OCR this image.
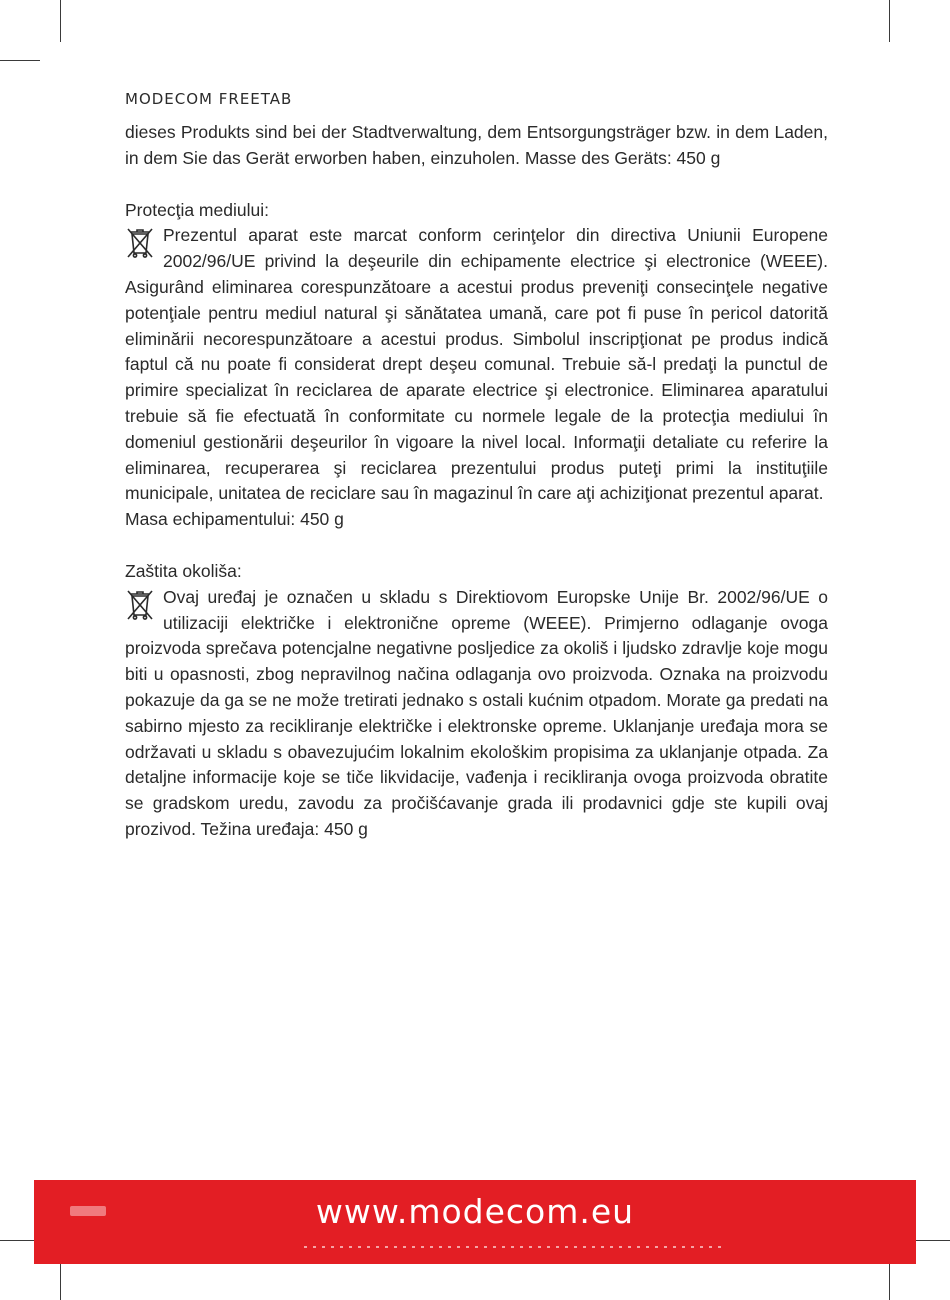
MODECOM FREETAB

dieses Produkts sind bei der Stadtverwaltung, dem Entsorgungsträger bzw. in dem Laden, in dem Sie das Gerät erworben haben, einzuholen. Masse des Geräts: 450 g

Protecţia mediului:

Prezentul aparat este marcat conform cerinţelor din directiva Uniunii Europene 2002/96/UE privind la deşeurile din echipamente electrice şi electronice (WEEE). Asigurând eliminarea corespunzătoare a acestui produs preveniţi consecinţele negative potenţiale pentru mediul natural şi sănătatea umană, care pot fi puse în pericol datorită eliminării necorespunzătoare a acestui produs. Simbolul inscripţionat pe produs indică faptul că nu poate fi considerat drept deşeu comunal. Trebuie să-l predaţi la punctul de primire specializat în reciclarea de aparate electrice şi electronice. Eliminarea aparatului trebuie să fie efectuată în conformitate cu normele legale de la protecţia mediului în domeniul gestionării deşeurilor în vigoare la nivel local. Informaţii detaliate cu referire la eliminarea, recuperarea şi reciclarea prezentului produs puteţi primi la instituţiile municipale, unitatea de reciclare sau în magazinul în care aţi achiziţionat prezentul aparat.

Masa echipamentului: 450 g

Zaštita okoliša:

Ovaj uređaj je označen u skladu s Direktiovom Europske Unije Br. 2002/96/UE o utilizaciji električke i elektronične opreme (WEEE). Primjerno odlaganje ovoga proizvoda sprečava potencjalne negativne posljedice za okoliš i ljudsko zdravlje koje mogu biti u opasnosti, zbog nepravilnog načina odlaganja ovo proizvoda. Oznaka na proizvodu pokazuje da ga se ne može tretirati jednako s ostali kućnim otpadom. Morate ga predati na sabirno mjesto za recikliranje električke i elektronske opreme. Uklanjanje uređaja mora se održavati u skladu s obavezujućim lokalnim ekološkim propisima za uklanjanje otpada. Za detaljne informacije koje se tiče likvidacije, vađenja i recikliranja ovoga proizvoda obratite se gradskom uredu, zavodu za pročišćavanje grada ili prodavnici gdje ste kupili ovaj prozivod. Težina uređaja: 450 g

www.modecom.eu
